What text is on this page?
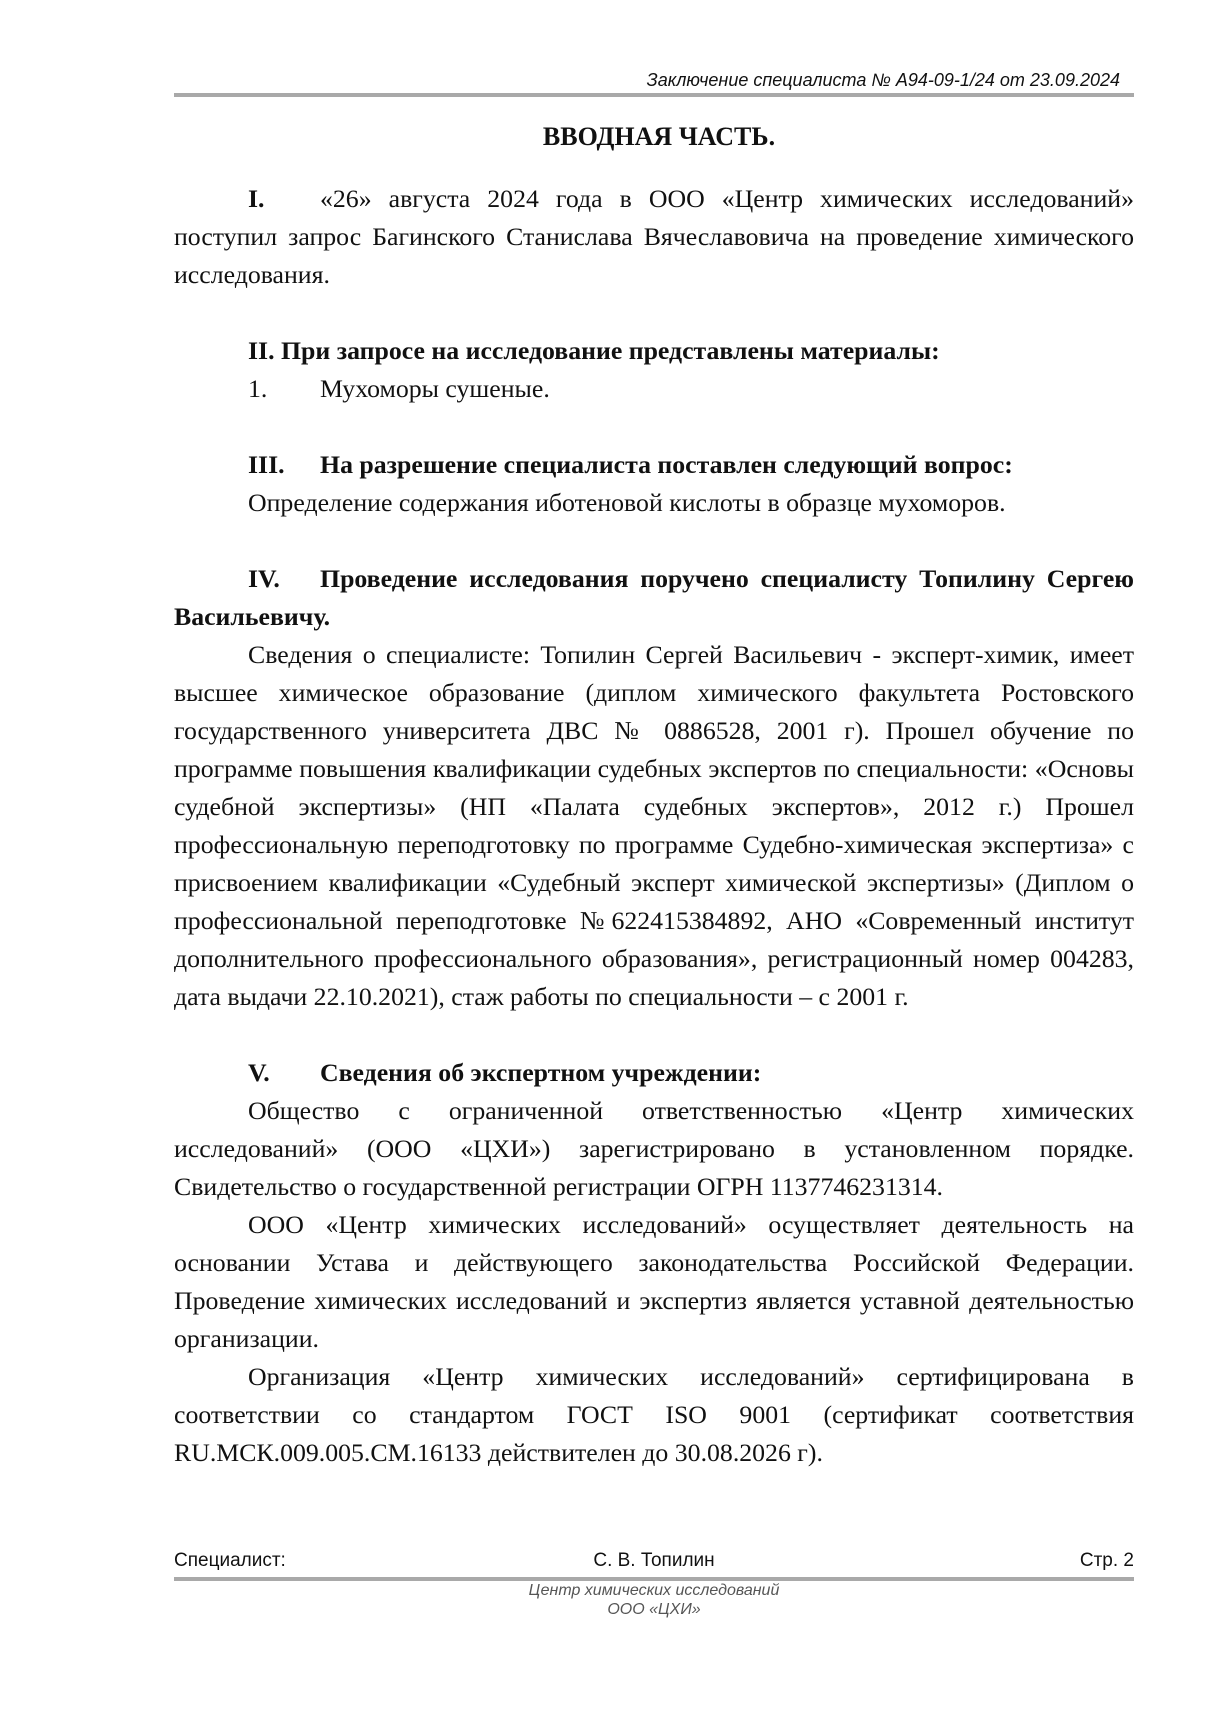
Заключение специалиста № А94-09-1/24 от 23.09.2024
ВВОДНАЯ ЧАСТЬ.
I. «26» августа 2024 года в ООО «Центр химических исследований» поступил запрос Багинского Станислава Вячеславовича на проведение химического исследования.
II. При запросе на исследование представлены материалы:
1. Мухоморы сушеные.
III. На разрешение специалиста поставлен следующий вопрос:
Определение содержания иботеновой кислоты в образце мухоморов.
IV. Проведение исследования поручено специалисту Топилину Сергею Васильевичу.
Сведения о специалисте: Топилин Сергей Васильевич - эксперт-химик, имеет высшее химическое образование (диплом химического факультета Ростовского государственного университета ДВС № 0886528, 2001 г). Прошел обучение по программе повышения квалификации судебных экспертов по специальности: «Основы судебной экспертизы» (НП «Палата судебных экспертов», 2012 г.) Прошел профессиональную переподготовку по программе Судебно-химическая экспертиза» с присвоением квалификации «Судебный эксперт химической экспертизы» (Диплом о профессиональной переподготовке №622415384892, АНО «Современный институт дополнительного профессионального образования», регистрационный номер 004283, дата выдачи 22.10.2021), стаж работы по специальности – с 2001 г.
V. Сведения об экспертном учреждении:
Общество с ограниченной ответственностью «Центр химических исследований» (ООО «ЦХИ») зарегистрировано в установленном порядке. Свидетельство о государственной регистрации ОГРН 1137746231314.
ООО «Центр химических исследований» осуществляет деятельность на основании Устава и действующего законодательства Российской Федерации. Проведение химических исследований и экспертиз является уставной деятельностью организации.
Организация «Центр химических исследований» сертифицирована в соответствии со стандартом ГОСТ ISO 9001 (сертификат соответствия RU.МСК.009.005.СМ.16133 действителен до 30.08.2026 г).
Специалист:	С. В. Топилин	Стр. 2
Центр химических исследований
ООО «ЦХИ»
